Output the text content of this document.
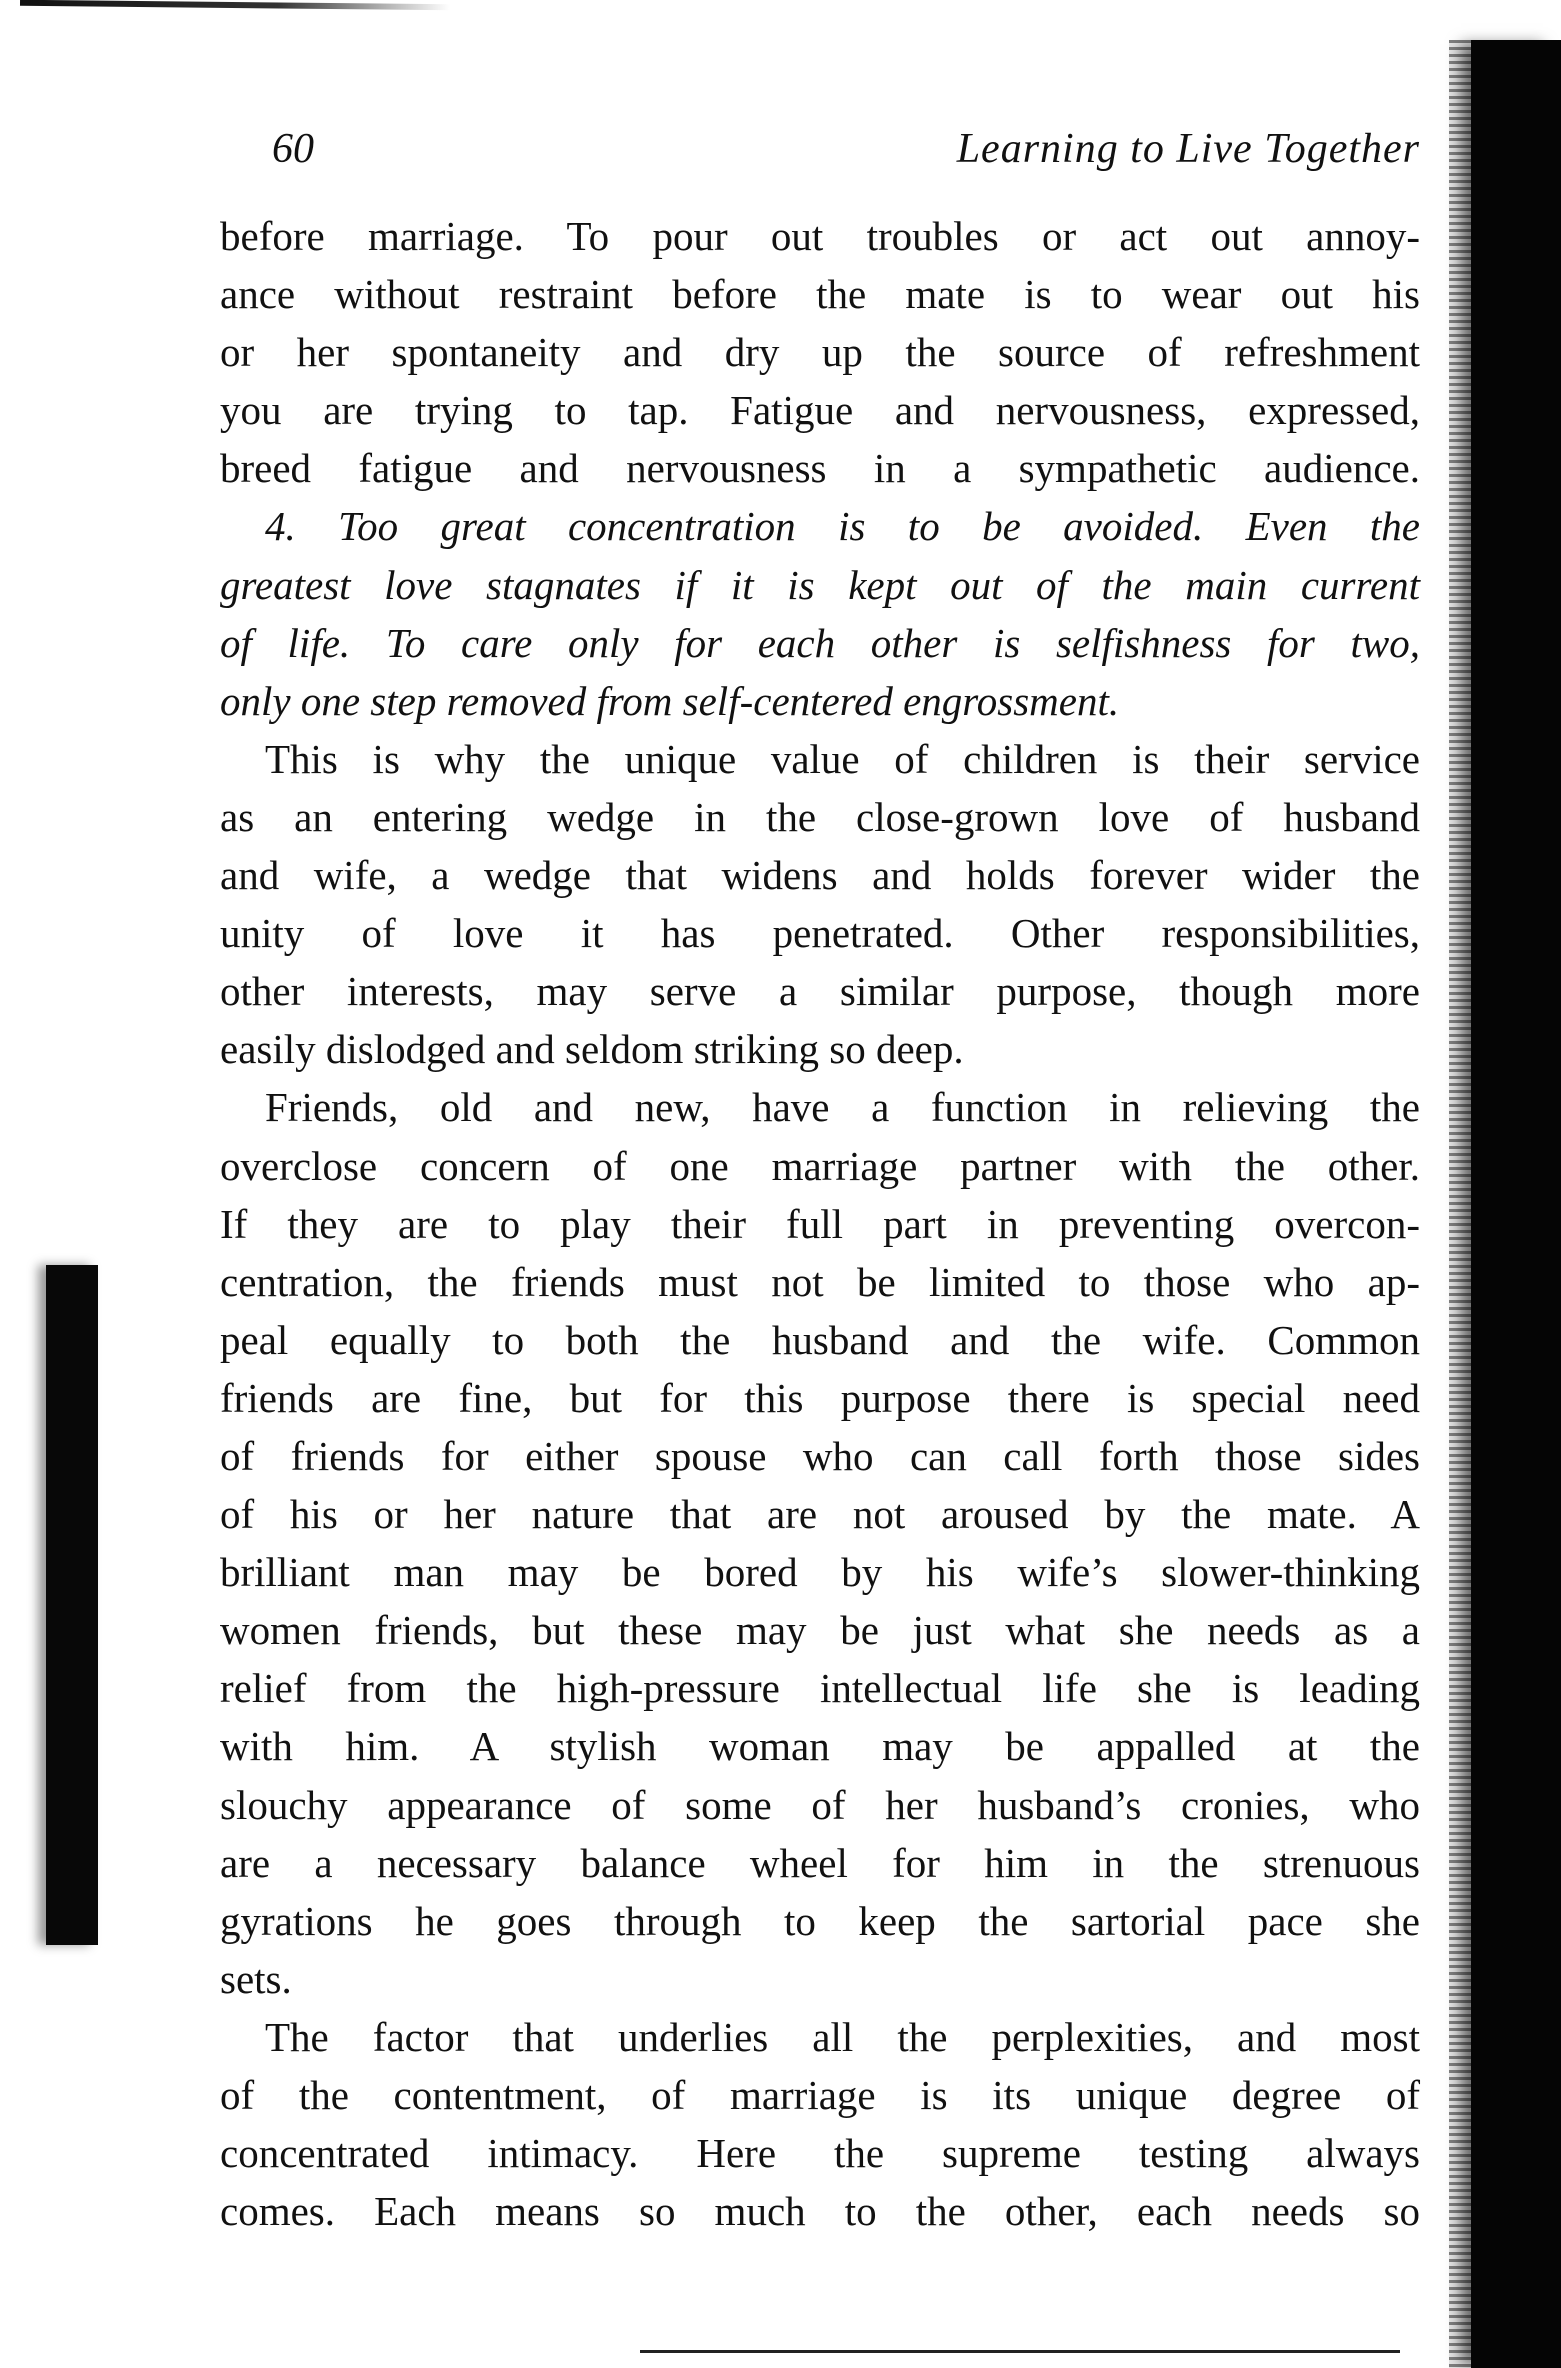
60	Learning to Live Together
before marriage. To pour out troubles or act out annoy-
ance without restraint before the mate is to wear out his
or her spontaneity and dry up the source of refreshment
you are trying to tap. Fatigue and nervousness, expressed,
breed fatigue and nervousness in a sympathetic audience.
4. Too great concentration is to be avoided. Even the
greatest love stagnates if it is kept out of the main current
of life. To care only for each other is selfishness for two,
only one step removed from self-centered engrossment.
This is why the unique value of children is their service
as an entering wedge in the close-grown love of husband
and wife, a wedge that widens and holds forever wider the
unity of love it has penetrated. Other responsibilities,
other interests, may serve a similar purpose, though more
easily dislodged and seldom striking so deep.
Friends, old and new, have a function in relieving the
overclose concern of one marriage partner with the other.
If they are to play their full part in preventing overcon-
centration, the friends must not be limited to those who ap-
peal equally to both the husband and the wife. Common
friends are fine, but for this purpose there is special need
of friends for either spouse who can call forth those sides
of his or her nature that are not aroused by the mate. A
brilliant man may be bored by his wife’s slower-thinking
women friends, but these may be just what she needs as a
relief from the high-pressure intellectual life she is leading
with him. A stylish woman may be appalled at the
slouchy appearance of some of her husband’s cronies, who
are a necessary balance wheel for him in the strenuous
gyrations he goes through to keep the sartorial pace she
sets.
The factor that underlies all the perplexities, and most
of the contentment, of marriage is its unique degree of
concentrated intimacy. Here the supreme testing always
comes. Each means so much to the other, each needs so
